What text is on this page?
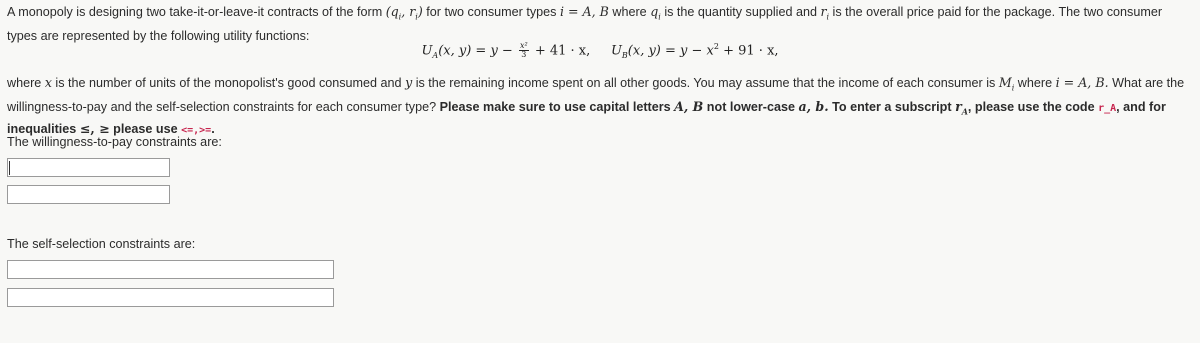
A monopoly is designing two take-it-or-leave-it contracts of the form ($q_i$, $r_i$) for two consumer types i = A, B where $q_i$ is the quantity supplied and $r_i$ is the overall price paid for the package. The two consumer types are represented by the following utility functions:

$U_A(x$, $y) = y - \frac{\text{x²}}{3} + 41 \cdot x$, $U_B(x$, $y) = y - x^2 + 91 \cdot x$,

where x is the number of units of the monopolist's good consumed and y is the remaining income spent on all other goods. You may assume that the income of each consumer is $M_i$ where i = A, B. What are the willingness-to-pay and the self-selection constraints for each consumer type? Please make sure to use capital letters A, B not lower-case a, b. To enter a subscript $r_A$, please use the code r_A, and for inequalities ≤, ≥ please use <=,>=.

The willingness-to-pay constraints are:

The self-selection constraints are:
